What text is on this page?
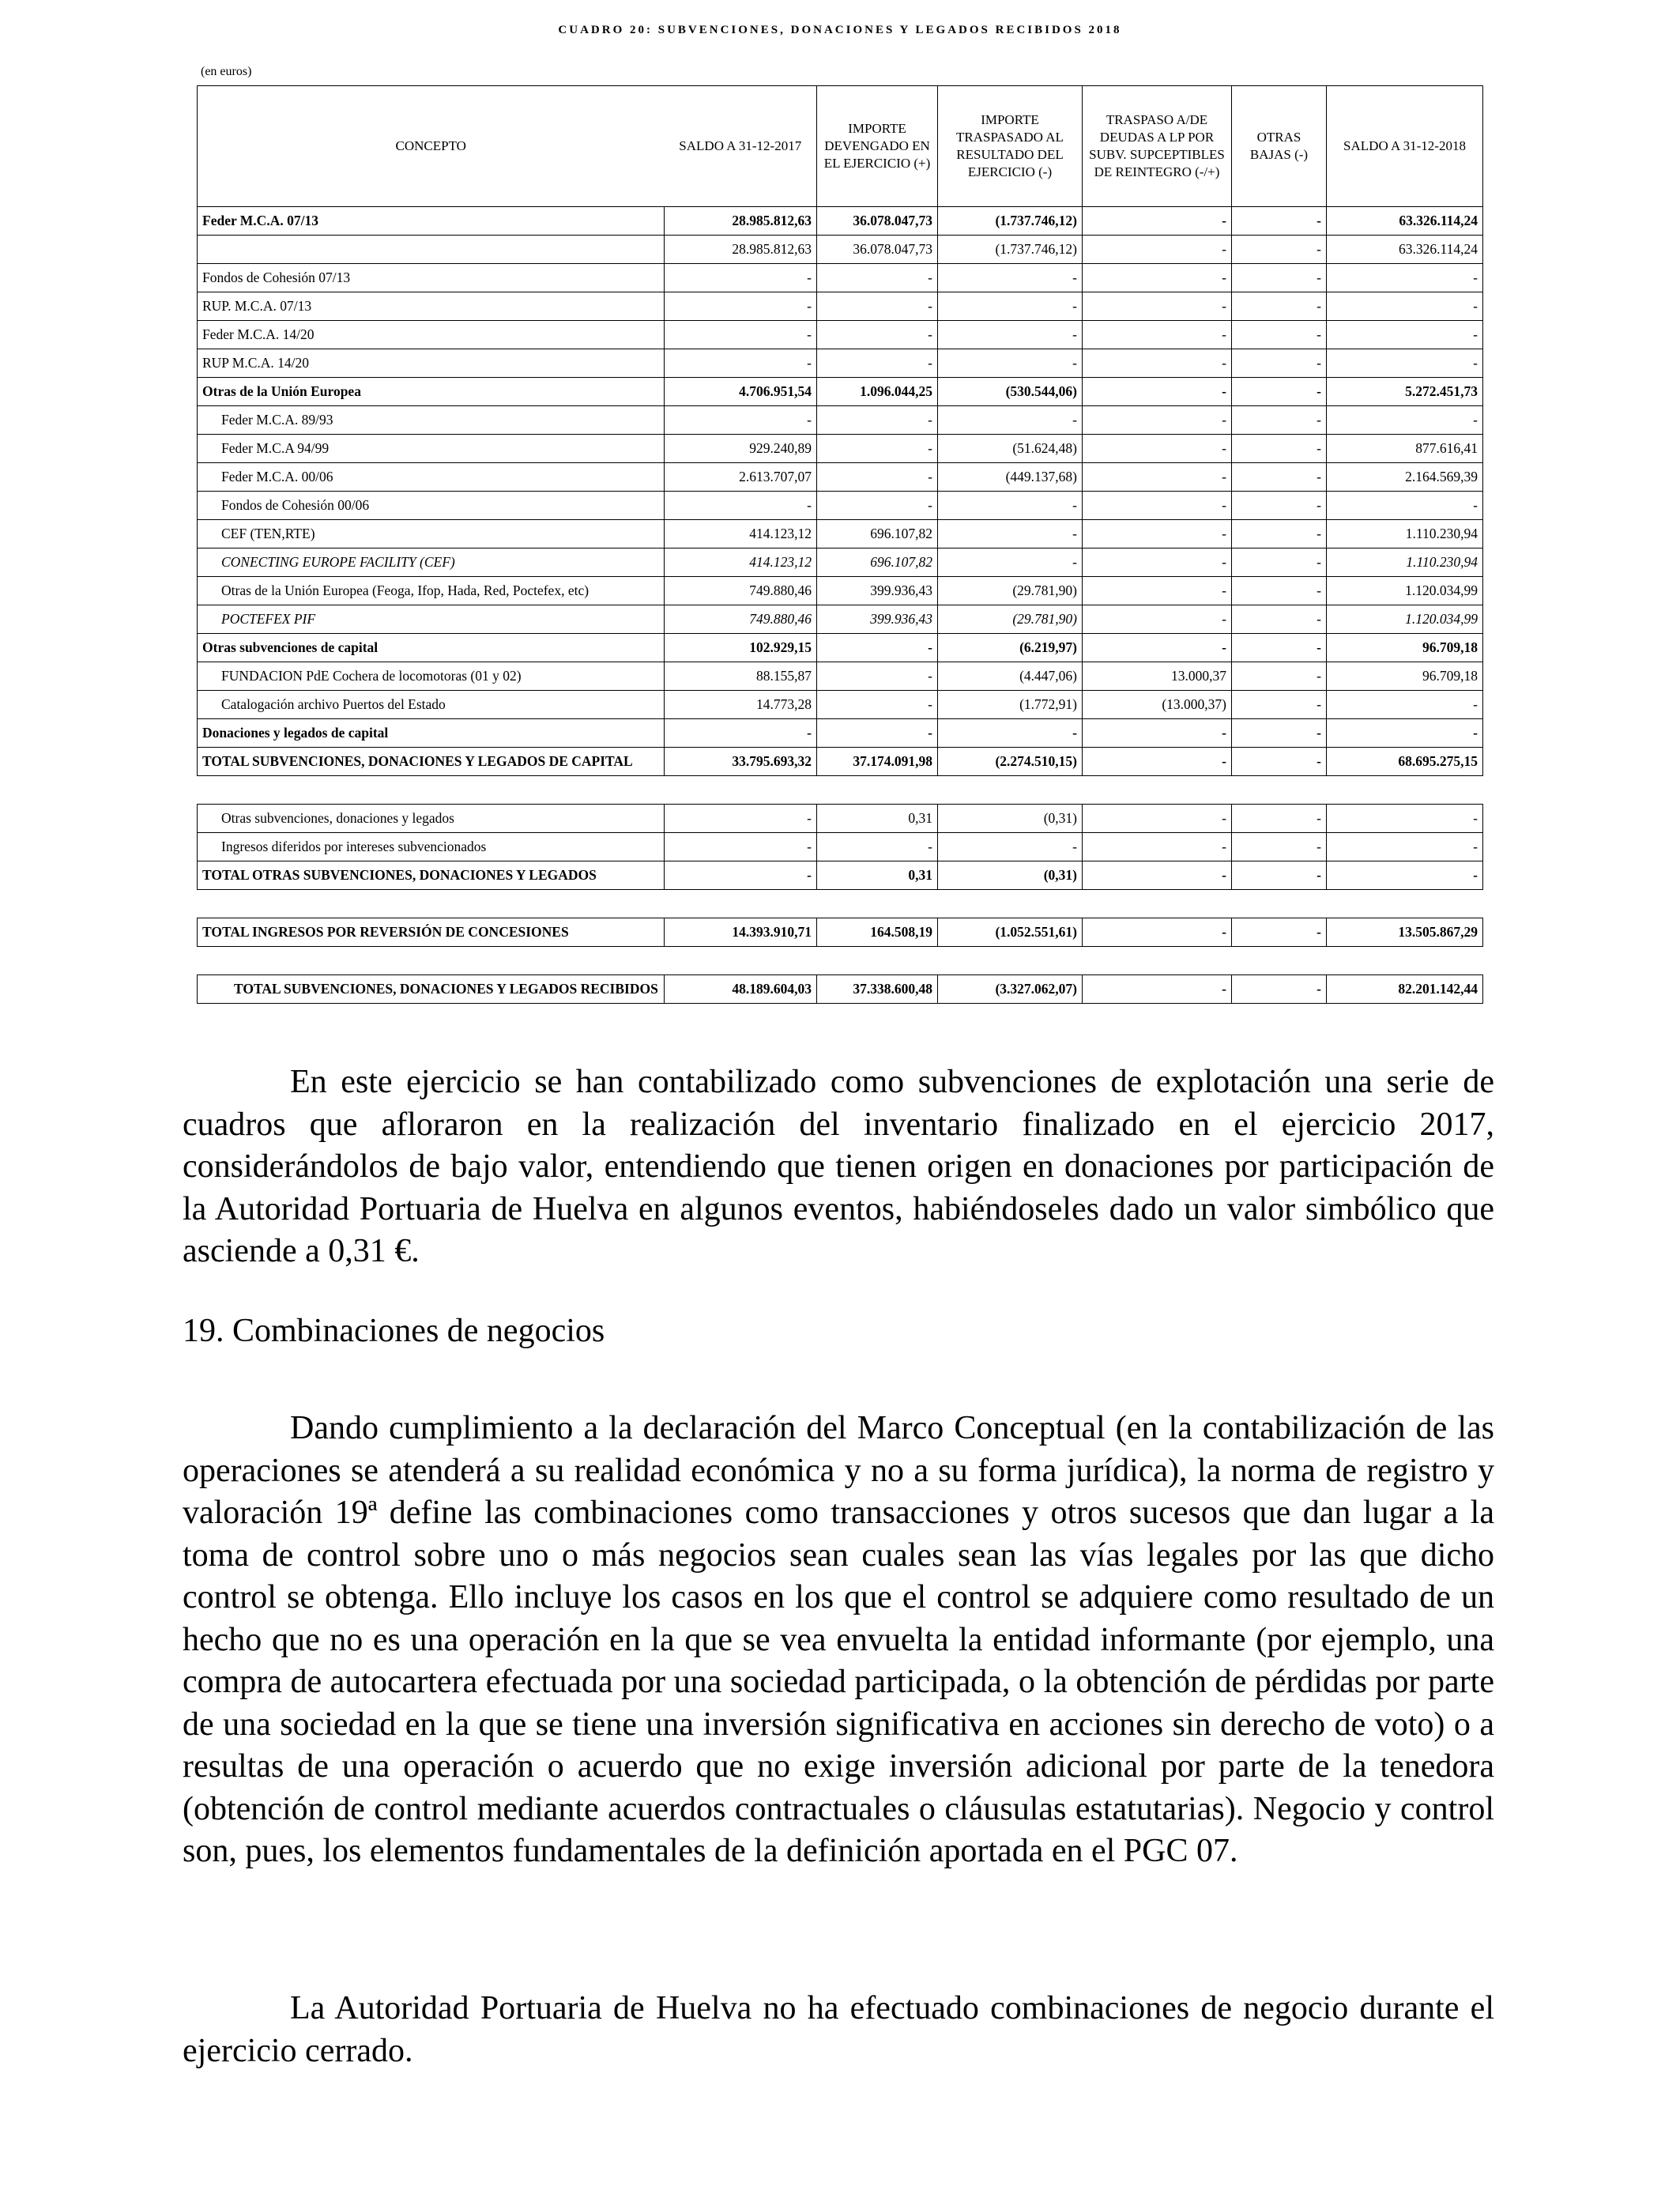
CUADRO 20: SUBVENCIONES, DONACIONES Y LEGADOS RECIBIDOS 2018
(en euros)
CONCEPTO	SALDO A 31-12-2017	IMPORTE DEVENGADO EN EL EJERCICIO (+)	IMPORTE TRASPASADO AL RESULTADO DEL EJERCICIO (-)	TRASPASO A/DE DEUDAS A LP POR SUBV. SUPCEPTIBLES DE REINTEGRO (-/+)	OTRAS BAJAS (-)	SALDO A 31-12-2018
Feder M.C.A. 07/13	28.985.812,63	36.078.047,73	(1.737.746,12)	-	-	63.326.114,24
	28.985.812,63	36.078.047,73	(1.737.746,12)	-	-	63.326.114,24
Fondos de Cohesión 07/13	-	-	-	-	-	-
RUP. M.C.A. 07/13	-	-	-	-	-	-
Feder M.C.A. 14/20	-	-	-	-	-	-
RUP M.C.A. 14/20	-	-	-	-	-	-
Otras de la Unión Europea	4.706.951,54	1.096.044,25	(530.544,06)	-	-	5.272.451,73
Feder M.C.A. 89/93	-	-	-	-	-	-
Feder M.C.A 94/99	929.240,89	-	(51.624,48)	-	-	877.616,41
Feder M.C.A. 00/06	2.613.707,07	-	(449.137,68)	-	-	2.164.569,39
Fondos de Cohesión 00/06	-	-	-	-	-	-
CEF (TEN,RTE)	414.123,12	696.107,82	-	-	-	1.110.230,94
CONECTING EUROPE FACILITY (CEF)	414.123,12	696.107,82	-	-	-	1.110.230,94
Otras de la Unión Europea (Feoga, Ifop, Hada, Red, Poctefex, etc)	749.880,46	399.936,43	(29.781,90)	-	-	1.120.034,99
POCTEFEX PIF	749.880,46	399.936,43	(29.781,90)	-	-	1.120.034,99
Otras subvenciones de capital	102.929,15	-	(6.219,97)	-	-	96.709,18
FUNDACION PdE Cochera de locomotoras (01 y 02)	88.155,87	-	(4.447,06)	13.000,37	-	96.709,18
Catalogación archivo Puertos del Estado	14.773,28	-	(1.772,91)	(13.000,37)	-	-
Donaciones y legados de capital	-	-	-	-	-	-
TOTAL SUBVENCIONES, DONACIONES Y LEGADOS DE CAPITAL	33.795.693,32	37.174.091,98	(2.274.510,15)	-	-	68.695.275,15

Otras subvenciones, donaciones y legados	-	0,31	(0,31)	-	-	-
Ingresos diferidos por intereses subvencionados	-	-	-	-	-	-
TOTAL OTRAS SUBVENCIONES, DONACIONES Y LEGADOS	-	0,31	(0,31)	-	-	-

TOTAL INGRESOS POR REVERSIÓN DE CONCESIONES	14.393.910,71	164.508,19	(1.052.551,61)	-	-	13.505.867,29

TOTAL SUBVENCIONES, DONACIONES Y LEGADOS RECIBIDOS	48.189.604,03	37.338.600,48	(3.327.062,07)	-	-	82.201.142,44

En este ejercicio se han contabilizado como subvenciones de explotación una serie de cuadros que afloraron en la realización del inventario finalizado en el ejercicio 2017, considerándolos de bajo valor, entendiendo que tienen origen en donaciones por participación de la Autoridad Portuaria de Huelva en algunos eventos, habiéndoseles dado un valor simbólico que asciende a 0,31 €.

19. Combinaciones de negocios

Dando cumplimiento a la declaración del Marco Conceptual (en la contabilización de las operaciones se atenderá a su realidad económica y no a su forma jurídica), la norma de registro y valoración 19ª define las combinaciones como transacciones y otros sucesos que dan lugar a la toma de control sobre uno o más negocios sean cuales sean las vías legales por las que dicho control se obtenga. Ello incluye los casos en los que el control se adquiere como resultado de un hecho que no es una operación en la que se vea envuelta la entidad informante (por ejemplo, una compra de autocartera efectuada por una sociedad participada, o la obtención de pérdidas por parte de una sociedad en la que se tiene una inversión significativa en acciones sin derecho de voto) o a resultas de una operación o acuerdo que no exige inversión adicional por parte de la tenedora (obtención de control mediante acuerdos contractuales o cláusulas estatutarias). Negocio y control son, pues, los elementos fundamentales de la definición aportada en el PGC 07.

La Autoridad Portuaria de Huelva no ha efectuado combinaciones de negocio durante el ejercicio cerrado.
